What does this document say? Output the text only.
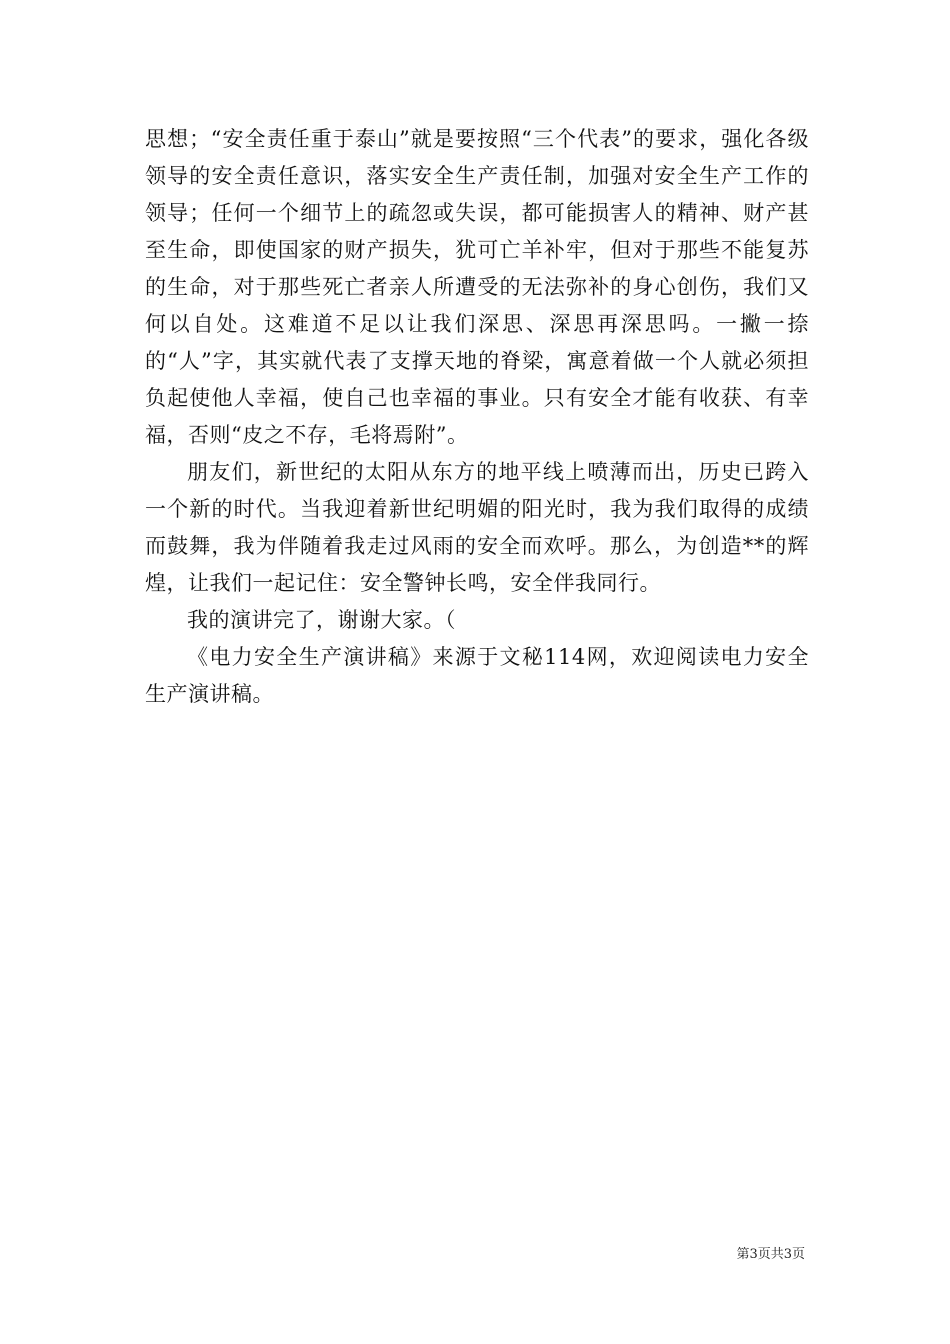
思想；“安全责任重于泰山”就是要按照“三个代表”的要求，强化各级领导的安全责任意识，落实安全生产责任制，加强对安全生产工作的领导；任何一个细节上的疏忽或失误，都可能损害人的精神、财产甚至生命，即使国家的财产损失，犹可亡羊补牢，但对于那些不能复苏的生命，对于那些死亡者亲人所遭受的无法弥补的身心创伤，我们又何以自处。这难道不足以让我们深思、深思再深思吗。一撇一捺的“人”字，其实就代表了支撑天地的脊梁，寓意着做一个人就必须担负起使他人幸福，使自己也幸福的事业。只有安全才能有收获、有幸福，否则“皮之不存，毛将焉附”。

朋友们，新世纪的太阳从东方的地平线上喷薄而出，历史已跨入一个新的时代。当我迎着新世纪明媚的阳光时，我为我们取得的成绩而鼓舞，我为伴随着我走过风雨的安全而欢呼。那么，为创造**的辉煌，让我们一起记住：安全警钟长鸣，安全伴我同行。

我的演讲完了，谢谢大家。（

《电力安全生产演讲稿》来源于文秘114网，欢迎阅读电力安全生产演讲稿。

第3页共3页
